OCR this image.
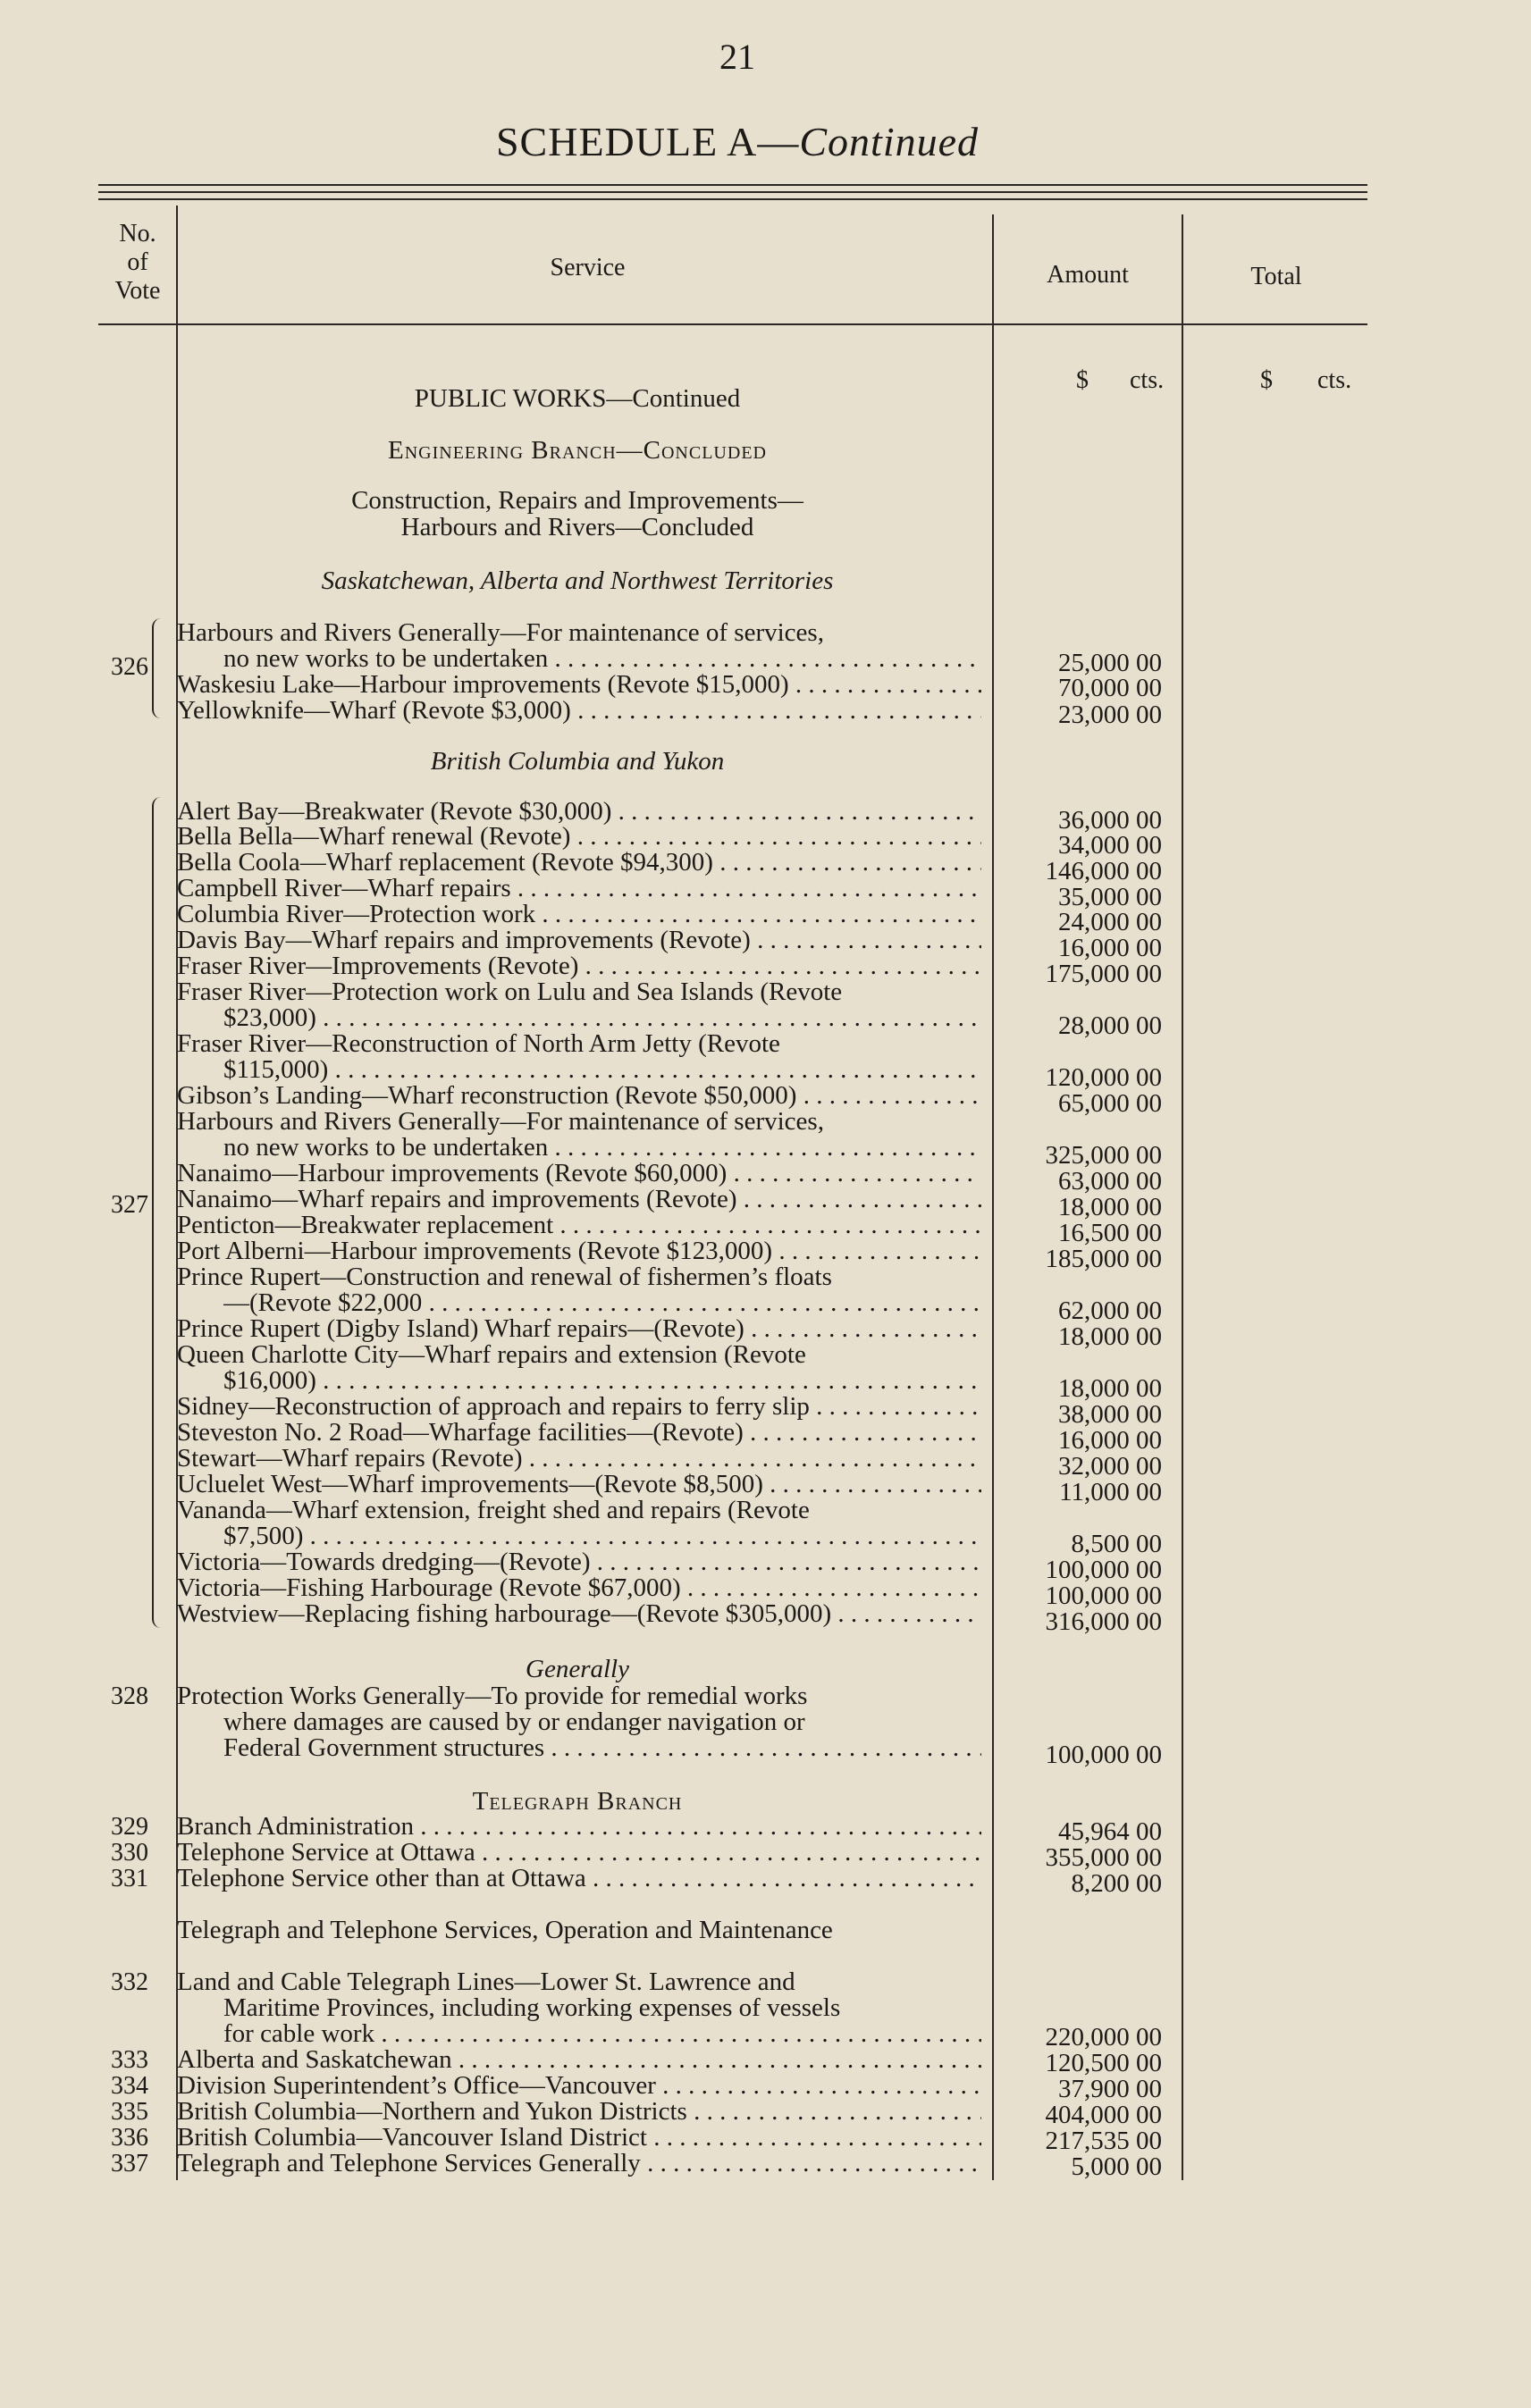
21
SCHEDULE A—Continued
No.
of
Vote
Service	Amount	Total
$ cts.	$ cts.
PUBLIC WORKS—Continued
Engineering Branch—Concluded
Construction, Repairs and Improvements—
Harbours and Rivers—Concluded
Saskatchewan, Alberta and Northwest Territories
326
Harbours and Rivers Generally—For maintenance of services,
no new works to be undertaken . . .	25,000 00
Waskesiu Lake—Harbour improvements (Revote $15,000) . . .	70,000 00
Yellowknife—Wharf (Revote $3,000) . . .	23,000 00
British Columbia and Yukon
327
Alert Bay—Breakwater (Revote $30,000) . . .	36,000 00
Bella Bella—Wharf renewal (Revote) . . .	34,000 00
Bella Coola—Wharf replacement (Revote $94,300) . . .	146,000 00
Campbell River—Wharf repairs . . .	35,000 00
Columbia River—Protection work . . .	24,000 00
Davis Bay—Wharf repairs and improvements (Revote) . . .	16,000 00
Fraser River—Improvements (Revote) . . .	175,000 00
Fraser River—Protection work on Lulu and Sea Islands (Revote
$23,000) . . .	28,000 00
Fraser River—Reconstruction of North Arm Jetty (Revote
$115,000) . . .	120,000 00
Gibson’s Landing—Wharf reconstruction (Revote $50,000) . . .	65,000 00
Harbours and Rivers Generally—For maintenance of services,
no new works to be undertaken . . .	325,000 00
Nanaimo—Harbour improvements (Revote $60,000) . . .	63,000 00
Nanaimo—Wharf repairs and improvements (Revote) . . .	18,000 00
Penticton—Breakwater replacement . . .	16,500 00
Port Alberni—Harbour improvements (Revote $123,000) . . .	185,000 00
Prince Rupert—Construction and renewal of fishermen’s floats
—(Revote $22,000 . . .	62,000 00
Prince Rupert (Digby Island) Wharf repairs—(Revote) . . .	18,000 00
Queen Charlotte City—Wharf repairs and extension (Revote
$16,000) . . .	18,000 00
Sidney—Reconstruction of approach and repairs to ferry slip . . .	38,000 00
Steveston No. 2 Road—Wharfage facilities—(Revote) . . .	16,000 00
Stewart—Wharf repairs (Revote) . . .	32,000 00
Ucluelet West—Wharf improvements—(Revote $8,500) . . .	11,000 00
Vananda—Wharf extension, freight shed and repairs (Revote
$7,500) . . .	8,500 00
Victoria—Towards dredging—(Revote) . . .	100,000 00
Victoria—Fishing Harbourage (Revote $67,000) . . .	100,000 00
Westview—Replacing fishing harbourage—(Revote $305,000) . . .	316,000 00
Generally
328 Protection Works Generally—To provide for remedial works
where damages are caused by or endanger navigation or
Federal Government structures . . .	100,000 00
Telegraph Branch
329 Branch Administration . . .	45,964 00
330 Telephone Service at Ottawa . . .	355,000 00
331 Telephone Service other than at Ottawa . . .	8,200 00
Telegraph and Telephone Services, Operation and Maintenance
332 Land and Cable Telegraph Lines—Lower St. Lawrence and
Maritime Provinces, including working expenses of vessels
for cable work . . .	220,000 00
333 Alberta and Saskatchewan . . .	120,500 00
334 Division Superintendent’s Office—Vancouver . . .	37,900 00
335 British Columbia—Northern and Yukon Districts . . .	404,000 00
336 British Columbia—Vancouver Island District . . .	217,535 00
337 Telegraph and Telephone Services Generally . . .	5,000 00
